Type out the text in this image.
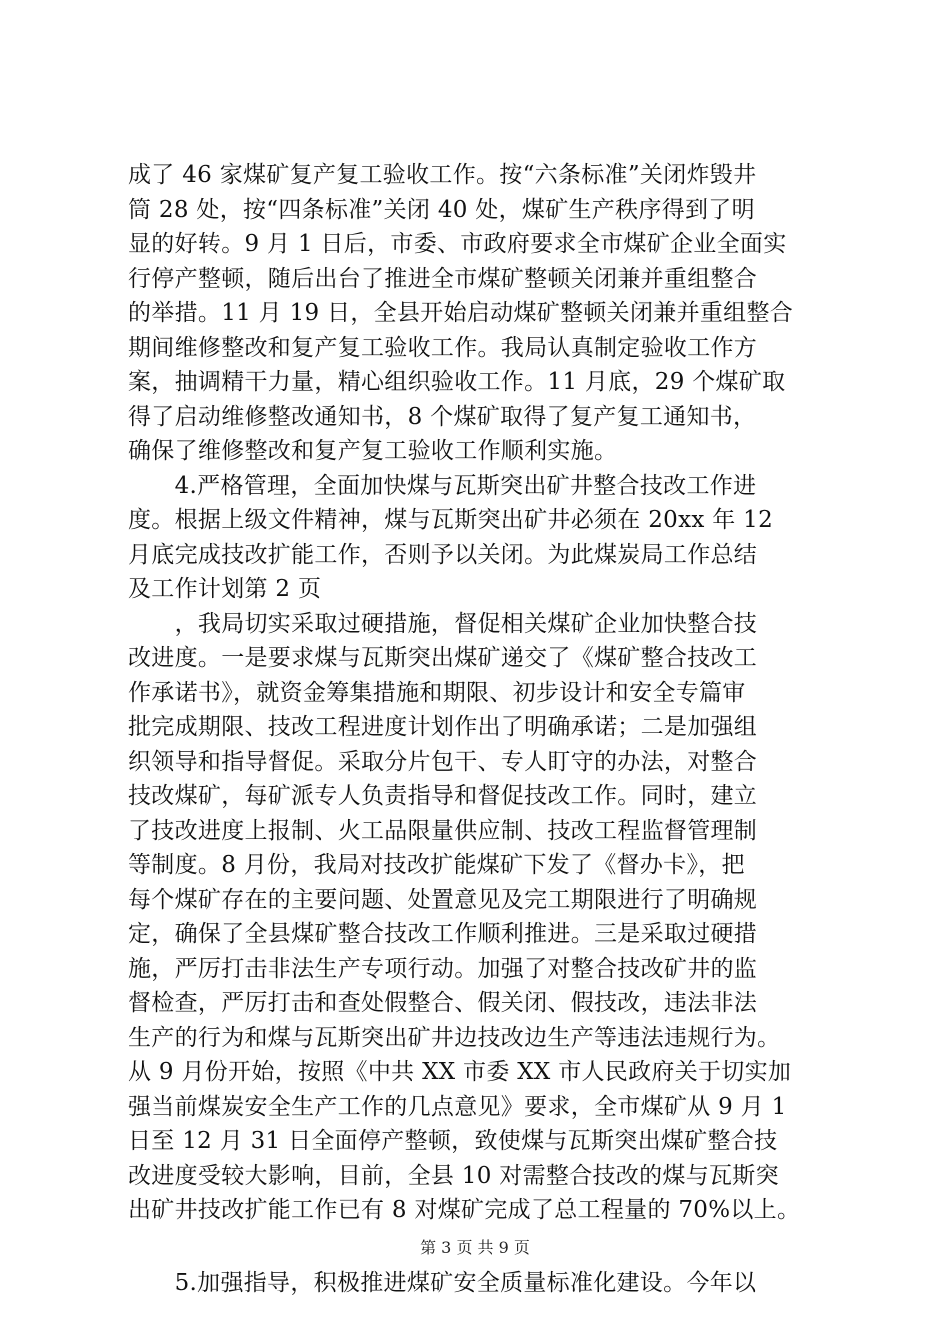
成了 46 家煤矿复产复工验收工作。按“六条标准”关闭炸毁井
筒 28 处，按“四条标准”关闭 40 处，煤矿生产秩序得到了明
显的好转。9 月 1 日后，市委、市政府要求全市煤矿企业全面实
行停产整顿，随后出台了推进全市煤矿整顿关闭兼并重组整合
的举措。11 月 19 日，全县开始启动煤矿整顿关闭兼并重组整合
期间维修整改和复产复工验收工作。我局认真制定验收工作方
案，抽调精干力量，精心组织验收工作。11 月底，29 个煤矿取
得了启动维修整改通知书，8 个煤矿取得了复产复工通知书，
确保了维修整改和复产复工验收工作顺利实施。
　　4.严格管理，全面加快煤与瓦斯突出矿井整合技改工作进
度。根据上级文件精神，煤与瓦斯突出矿井必须在 20xx 年 12
月底完成技改扩能工作，否则予以关闭。为此煤炭局工作总结
及工作计划第 2 页
　　，我局切实采取过硬措施，督促相关煤矿企业加快整合技
改进度。一是要求煤与瓦斯突出煤矿递交了《煤矿整合技改工
作承诺书》，就资金筹集措施和期限、初步设计和安全专篇审
批完成期限、技改工程进度计划作出了明确承诺；二是加强组
织领导和指导督促。采取分片包干、专人盯守的办法，对整合
技改煤矿，每矿派专人负责指导和督促技改工作。同时，建立
了技改进度上报制、火工品限量供应制、技改工程监督管理制
等制度。8 月份，我局对技改扩能煤矿下发了《督办卡》，把
每个煤矿存在的主要问题、处置意见及完工期限进行了明确规
定，确保了全县煤矿整合技改工作顺利推进。三是采取过硬措
施，严厉打击非法生产专项行动。加强了对整合技改矿井的监
督检查，严厉打击和查处假整合、假关闭、假技改，违法非法
生产的行为和煤与瓦斯突出矿井边技改边生产等违法违规行为。
从 9 月份开始，按照《中共 XX 市委 XX 市人民政府关于切实加
强当前煤炭安全生产工作的几点意见》要求，全市煤矿从 9 月 1
日至 12 月 31 日全面停产整顿，致使煤与瓦斯突出煤矿整合技
改进度受较大影响，目前，全县 10 对需整合技改的煤与瓦斯突
出矿井技改扩能工作已有 8 对煤矿完成了总工程量的 70%以上。
　　5.加强指导，积极推进煤矿安全质量标准化建设。今年以
第 3 页 共 9 页
